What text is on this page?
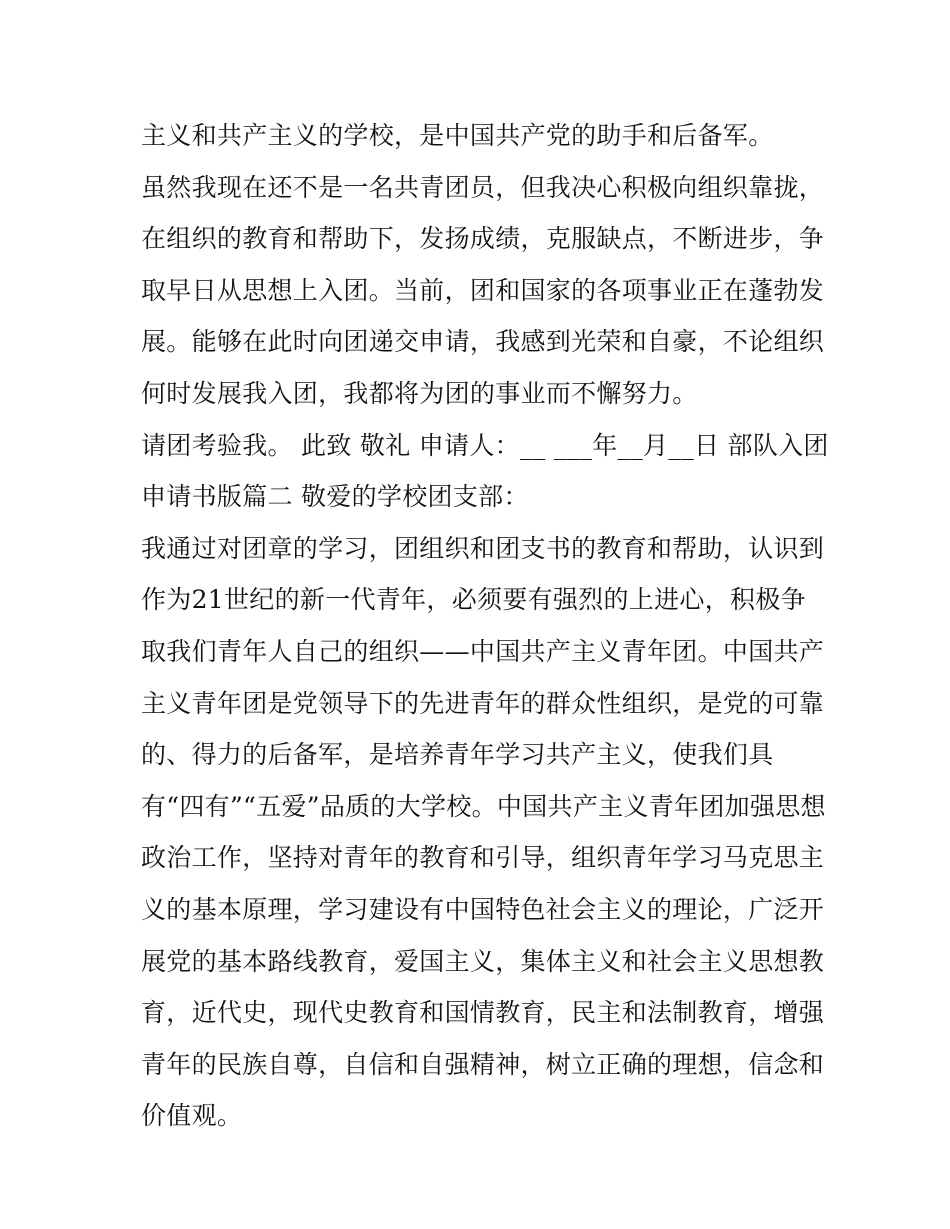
主义和共产主义的学校，是中国共产党的助手和后备军。
虽然我现在还不是一名共青团员，但我决心积极向组织靠拢，
在组织的教育和帮助下，发扬成绩，克服缺点，不断进步，争
取早日从思想上入团。当前，团和国家的各项事业正在蓬勃发
展。能够在此时向团递交申请，我感到光荣和自豪，不论组织
何时发展我入团，我都将为团的事业而不懈努力。
请团考验我。 此致 敬礼 申请人：__ ___年__月__日 部队入团
申请书版篇二 敬爱的学校团支部：
我通过对团章的学习，团组织和团支书的教育和帮助，认识到
作为21世纪的新一代青年，必须要有强烈的上进心，积极争
取我们青年人自己的组织——中国共产主义青年团。中国共产
主义青年团是党领导下的先进青年的群众性组织，是党的可靠
的、得力的后备军，是培养青年学习共产主义，使我们具
有“四有”“五爱”品质的大学校。中国共产主义青年团加强思想
政治工作，坚持对青年的教育和引导，组织青年学习马克思主
义的基本原理，学习建设有中国特色社会主义的理论，广泛开
展党的基本路线教育，爱国主义，集体主义和社会主义思想教
育，近代史，现代史教育和国情教育，民主和法制教育，增强
青年的民族自尊，自信和自强精神，树立正确的理想，信念和
价值观。
